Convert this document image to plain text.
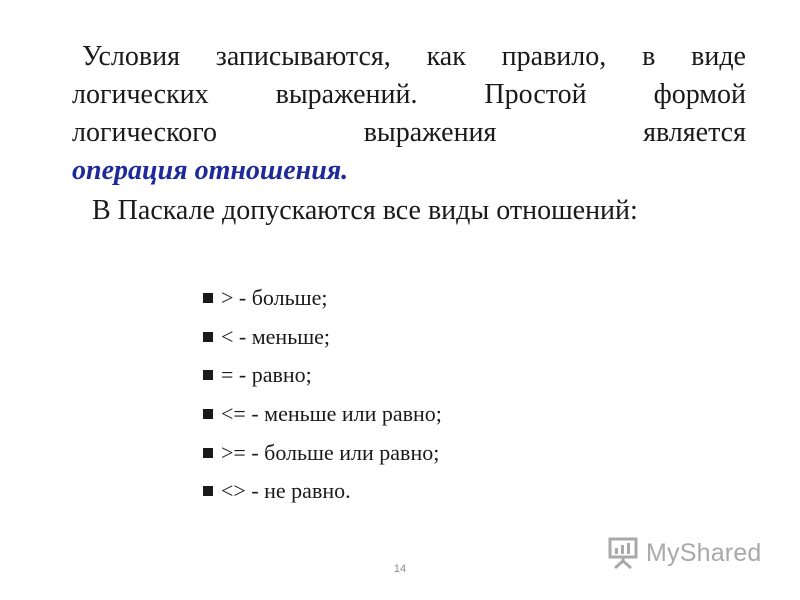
Условия записываются, как правило, в виде
логических выражений. Простой формой
логического	выражения	является
операция отношения.
В Паскале допускаются все виды отношений:
> - больше;
< - меньше;
= - равно;
<= - меньше или равно;
>= - больше или равно;
<> - не равно.
14
MyShared
